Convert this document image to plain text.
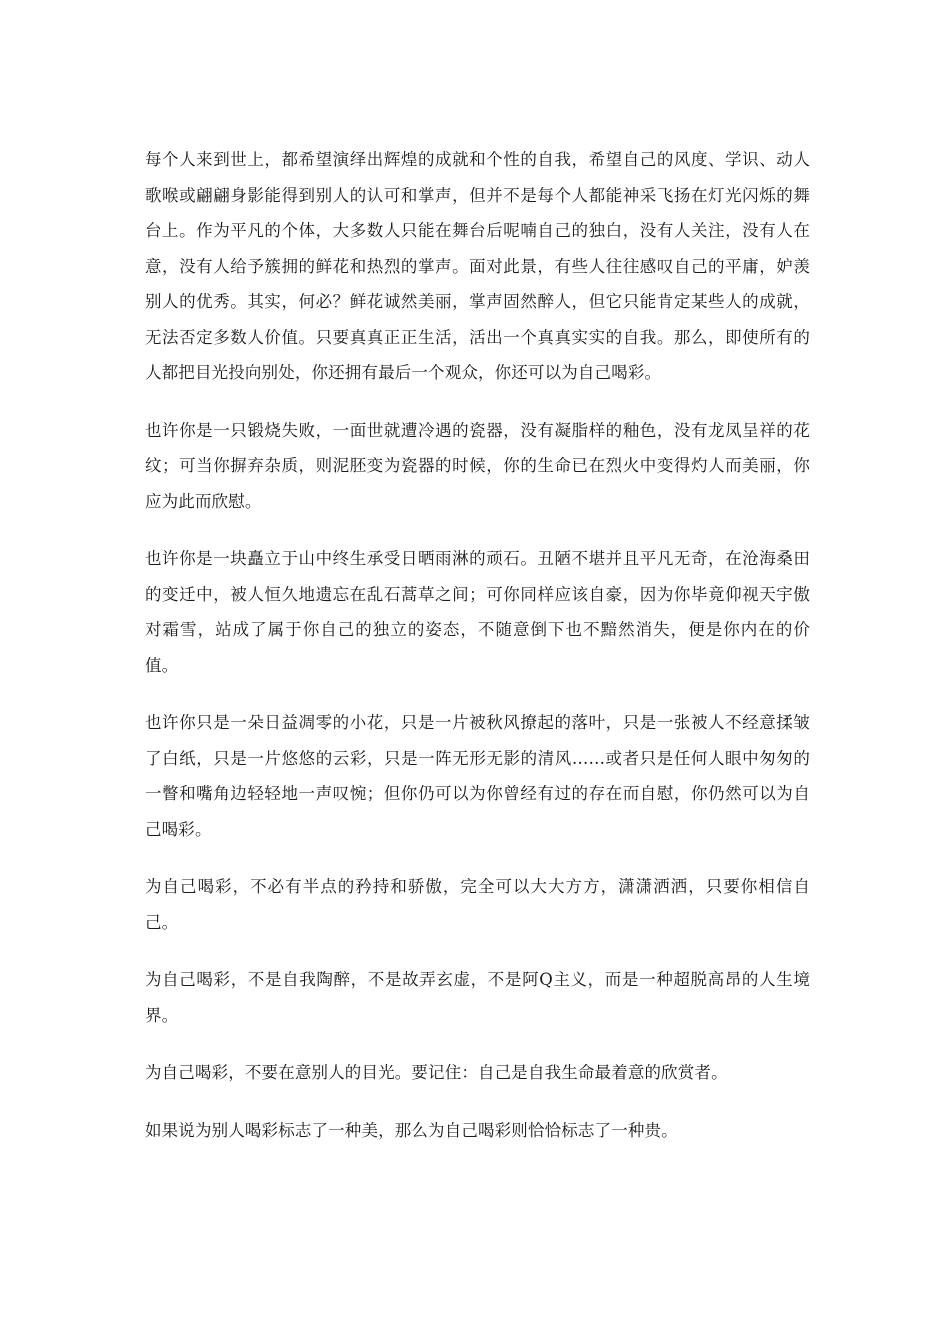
每个人来到世上，都希望演绎出辉煌的成就和个性的自我，希望自己的风度、学识、动人歌喉或翩翩身影能得到别人的认可和掌声，但并不是每个人都能神采飞扬在灯光闪烁的舞台上。作为平凡的个体，大多数人只能在舞台后呢喃自己的独白，没有人关注，没有人在意，没有人给予簇拥的鲜花和热烈的掌声。面对此景，有些人往往感叹自己的平庸，妒羡别人的优秀。其实，何必？鲜花诚然美丽，掌声固然醉人，但它只能肯定某些人的成就，无法否定多数人价值。只要真真正正生活，活出一个真真实实的自我。那么，即使所有的人都把目光投向别处，你还拥有最后一个观众，你还可以为自己喝彩。

也许你是一只锻烧失败，一面世就遭冷遇的瓷器，没有凝脂样的釉色，没有龙凤呈祥的花纹；可当你摒弃杂质，则泥胚变为瓷器的时候，你的生命已在烈火中变得灼人而美丽，你应为此而欣慰。

也许你是一块矗立于山中终生承受日晒雨淋的顽石。丑陋不堪并且平凡无奇，在沧海桑田的变迁中，被人恒久地遗忘在乱石蒿草之间；可你同样应该自豪，因为你毕竟仰视天宇傲对霜雪，站成了属于你自己的独立的姿态，不随意倒下也不黯然消失，便是你内在的价值。

也许你只是一朵日益凋零的小花，只是一片被秋风撩起的落叶，只是一张被人不经意揉皱了白纸，只是一片悠悠的云彩，只是一阵无形无影的清风……或者只是任何人眼中匆匆的一瞥和嘴角边轻轻地一声叹惋；但你仍可以为你曾经有过的存在而自慰，你仍然可以为自己喝彩。

为自己喝彩，不必有半点的矜持和骄傲，完全可以大大方方，潇潇洒洒，只要你相信自己。

为自己喝彩，不是自我陶醉，不是故弄玄虚，不是阿Q主义，而是一种超脱高昂的人生境界。

为自己喝彩，不要在意别人的目光。要记住：自己是自我生命最着意的欣赏者。

如果说为别人喝彩标志了一种美，那么为自己喝彩则恰恰标志了一种贵。
